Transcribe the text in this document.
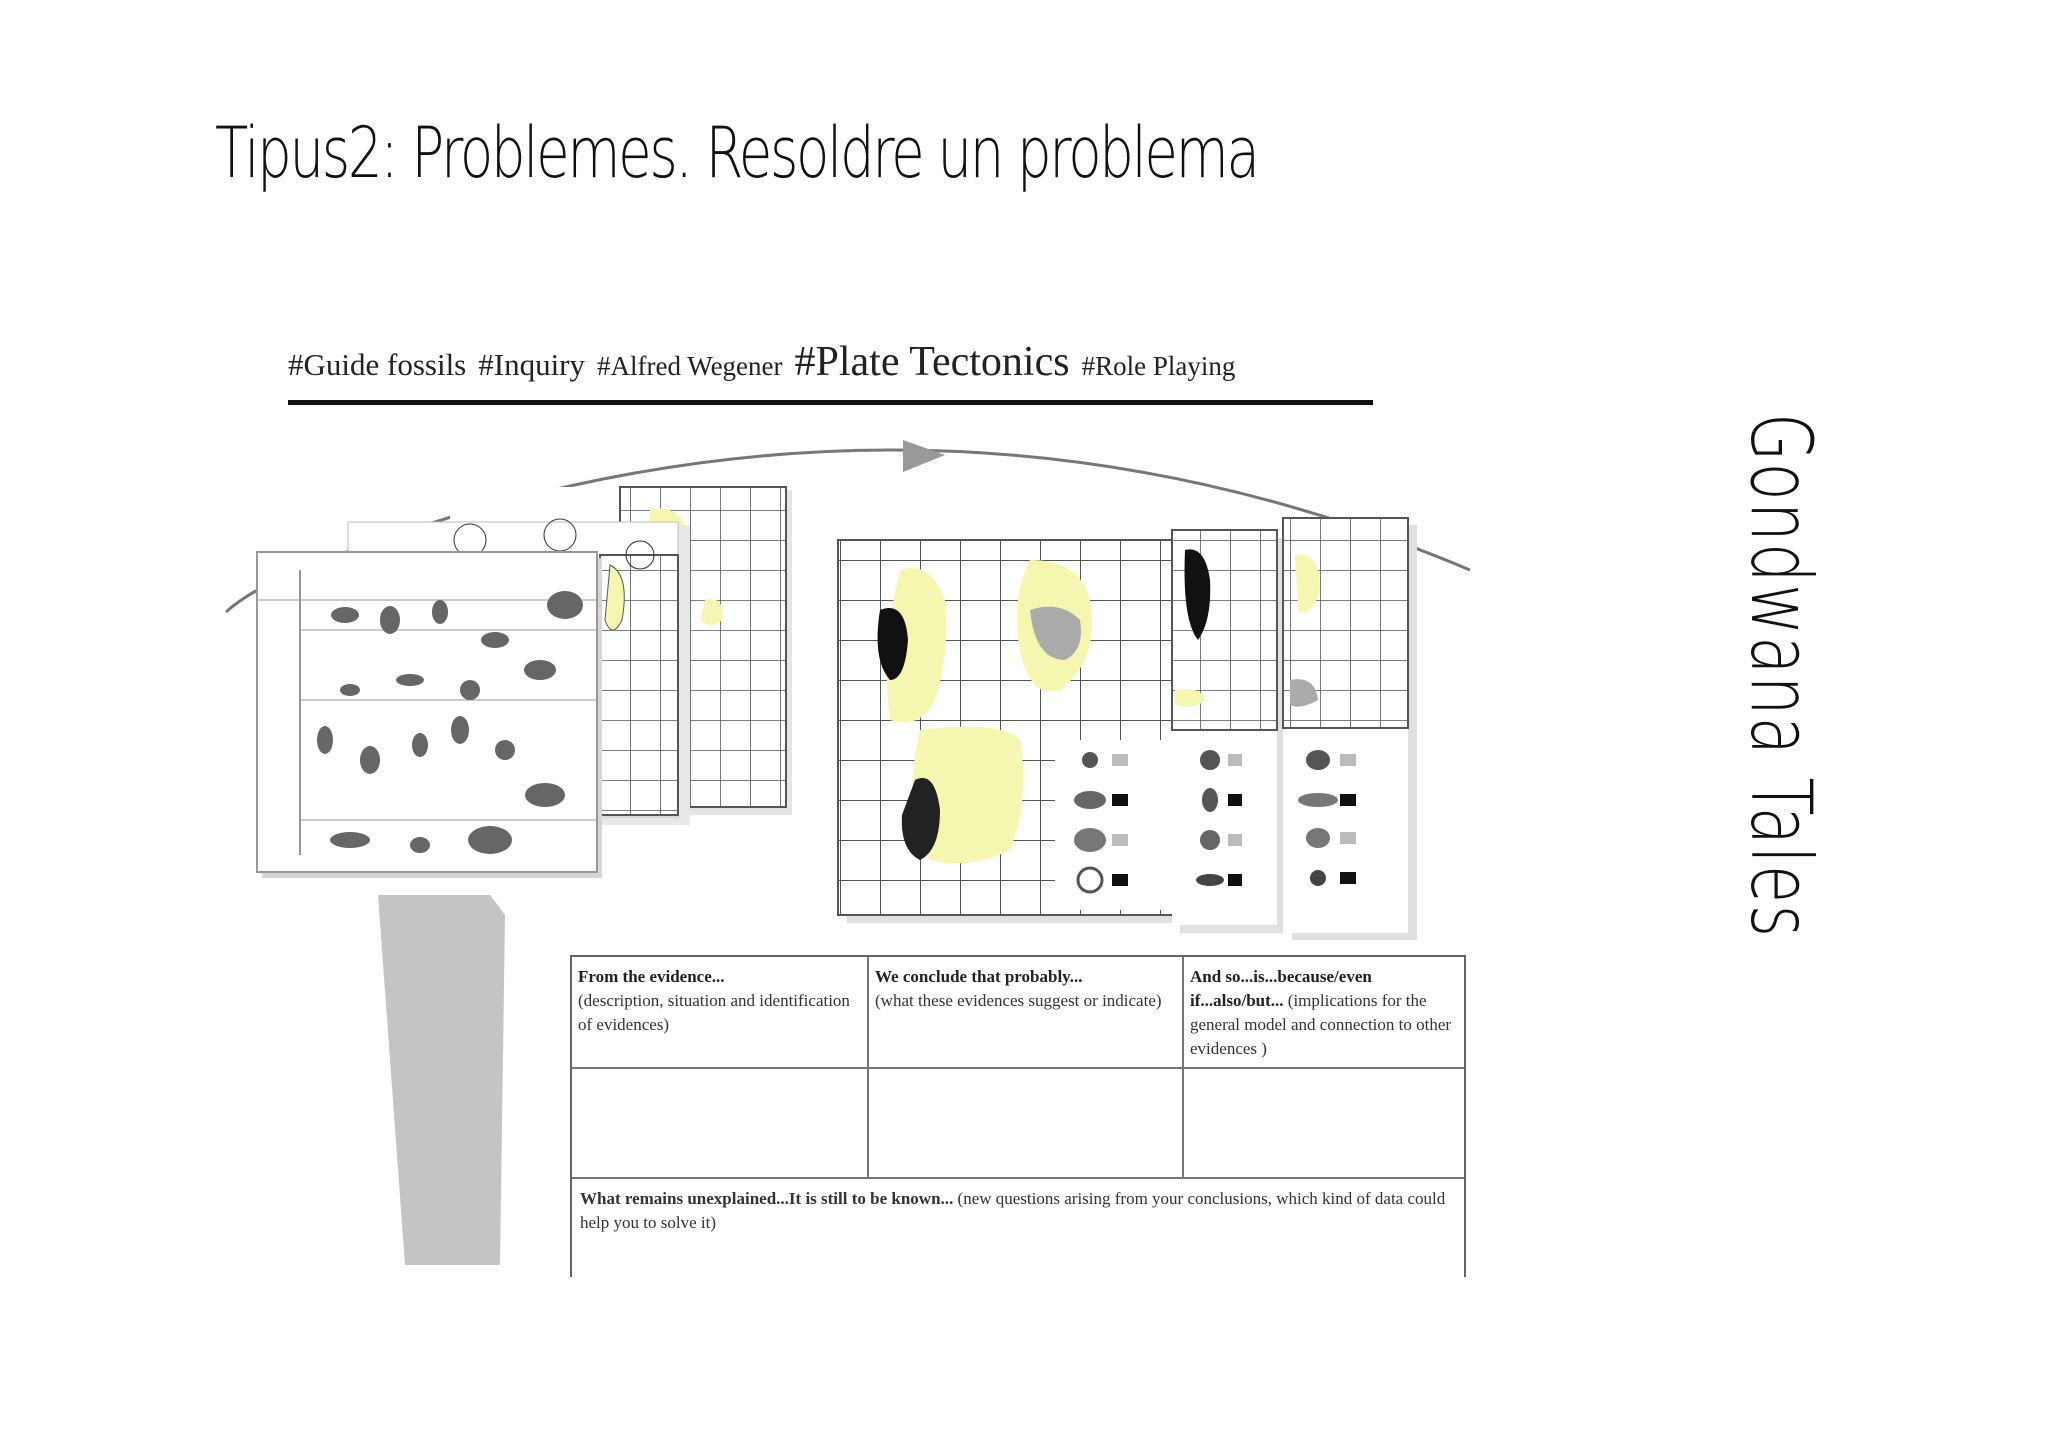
Tipus2: Problemes. Resoldre un problema
Gondwana Tales
#Guide fossils #Inquiry #Alfred Wegener #Plate Tectonics #Role Playing
From the evidence...
(description, situation and identification of evidences)
We conclude that probably...
(what these evidences suggest or indicate)
And so...is...because/even if...also/but... (implications for the general model and connection to other evidences )
What remains unexplained...It is still to be known... (new questions arising from your conclusions, which kind of data could help you to solve it)
